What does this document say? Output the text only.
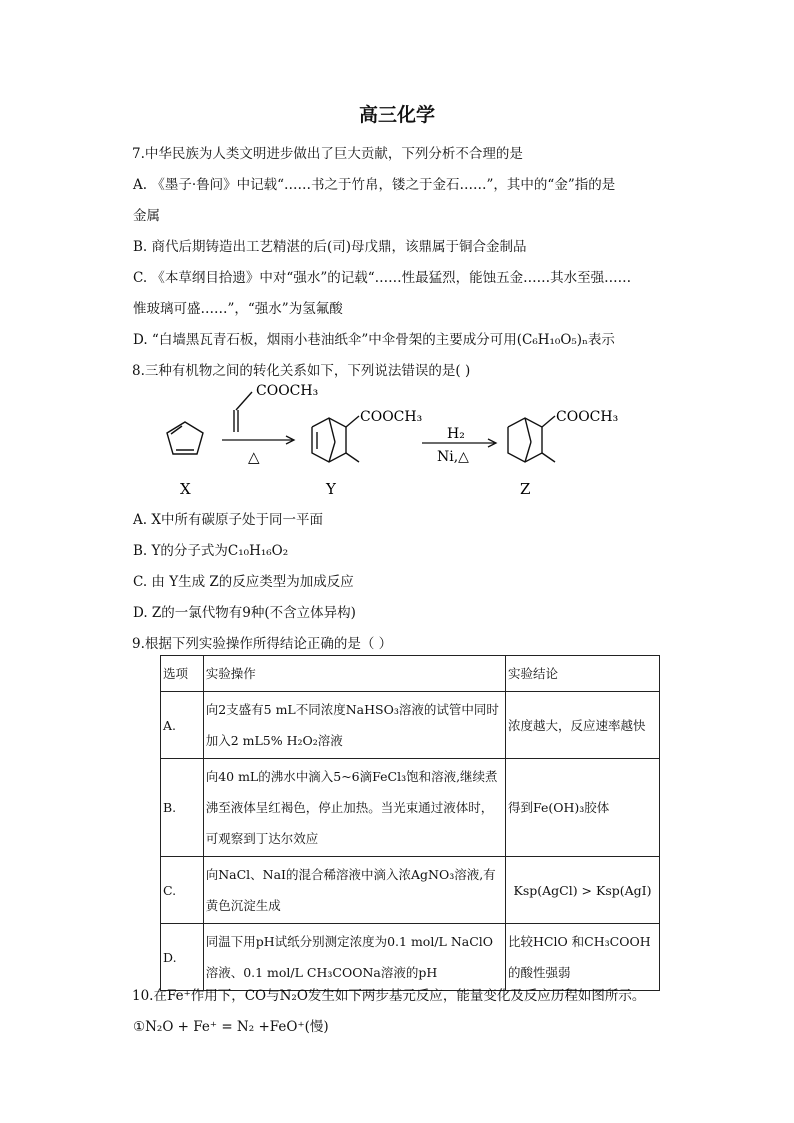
高三化学
7.中华民族为人类文明进步做出了巨大贡献，下列分析不合理的是
A. 《墨子·鲁问》中记载“……书之于竹帛，镂之于金石……”，其中的“金”指的是
金属
B. 商代后期铸造出工艺精湛的后(司)母戊鼎，该鼎属于铜合金制品
C. 《本草纲目拾遗》中对“强水”的记载“……性最猛烈，能蚀五金……其水至强……
惟玻璃可盛……”，“强水”为氢氟酸
D. “白墙黑瓦青石板，烟雨小巷油纸伞”中伞骨架的主要成分可用(C₆H₁₀O₅)ₙ表示
8.三种有机物之间的转化关系如下，下列说法错误的是( )
COOCH₃
△
COOCH₃
H₂
Ni,△
COOCH₃
X	Y	Z
A. X中所有碳原子处于同一平面
B. Y的分子式为C₁₀H₁₆O₂
C. 由 Y生成 Z的反应类型为加成反应
D. Z的一氯代物有9种(不含立体异构)
9.根据下列实验操作所得结论正确的是（ ）
选项	实验操作	实验结论
A.	向2支盛有5 mL不同浓度NaHSO₃溶液的试管中同时加入2 mL5% H₂O₂溶液	浓度越大，反应速率越快
B.	向40 mL的沸水中滴入5~6滴FeCl₃饱和溶液,继续煮沸至液体呈红褐色，停止加热。当光束通过液体时，可观察到丁达尔效应	得到Fe(OH)₃胶体
C.	向NaCl、NaI的混合稀溶液中滴入浓AgNO₃溶液,有黄色沉淀生成	Ksp(AgCl) > Ksp(AgI)
D.	同温下用pH试纸分别测定浓度为0.1 mol/L NaClO溶液、0.1 mol/L CH₃COONa溶液的pH	比较HClO 和CH₃COOH的酸性强弱
10.在Fe⁺作用下，CO与N₂O发生如下两步基元反应，能量变化及反应历程如图所示。
①N₂O + Fe⁺ = N₂ +FeO⁺(慢)
